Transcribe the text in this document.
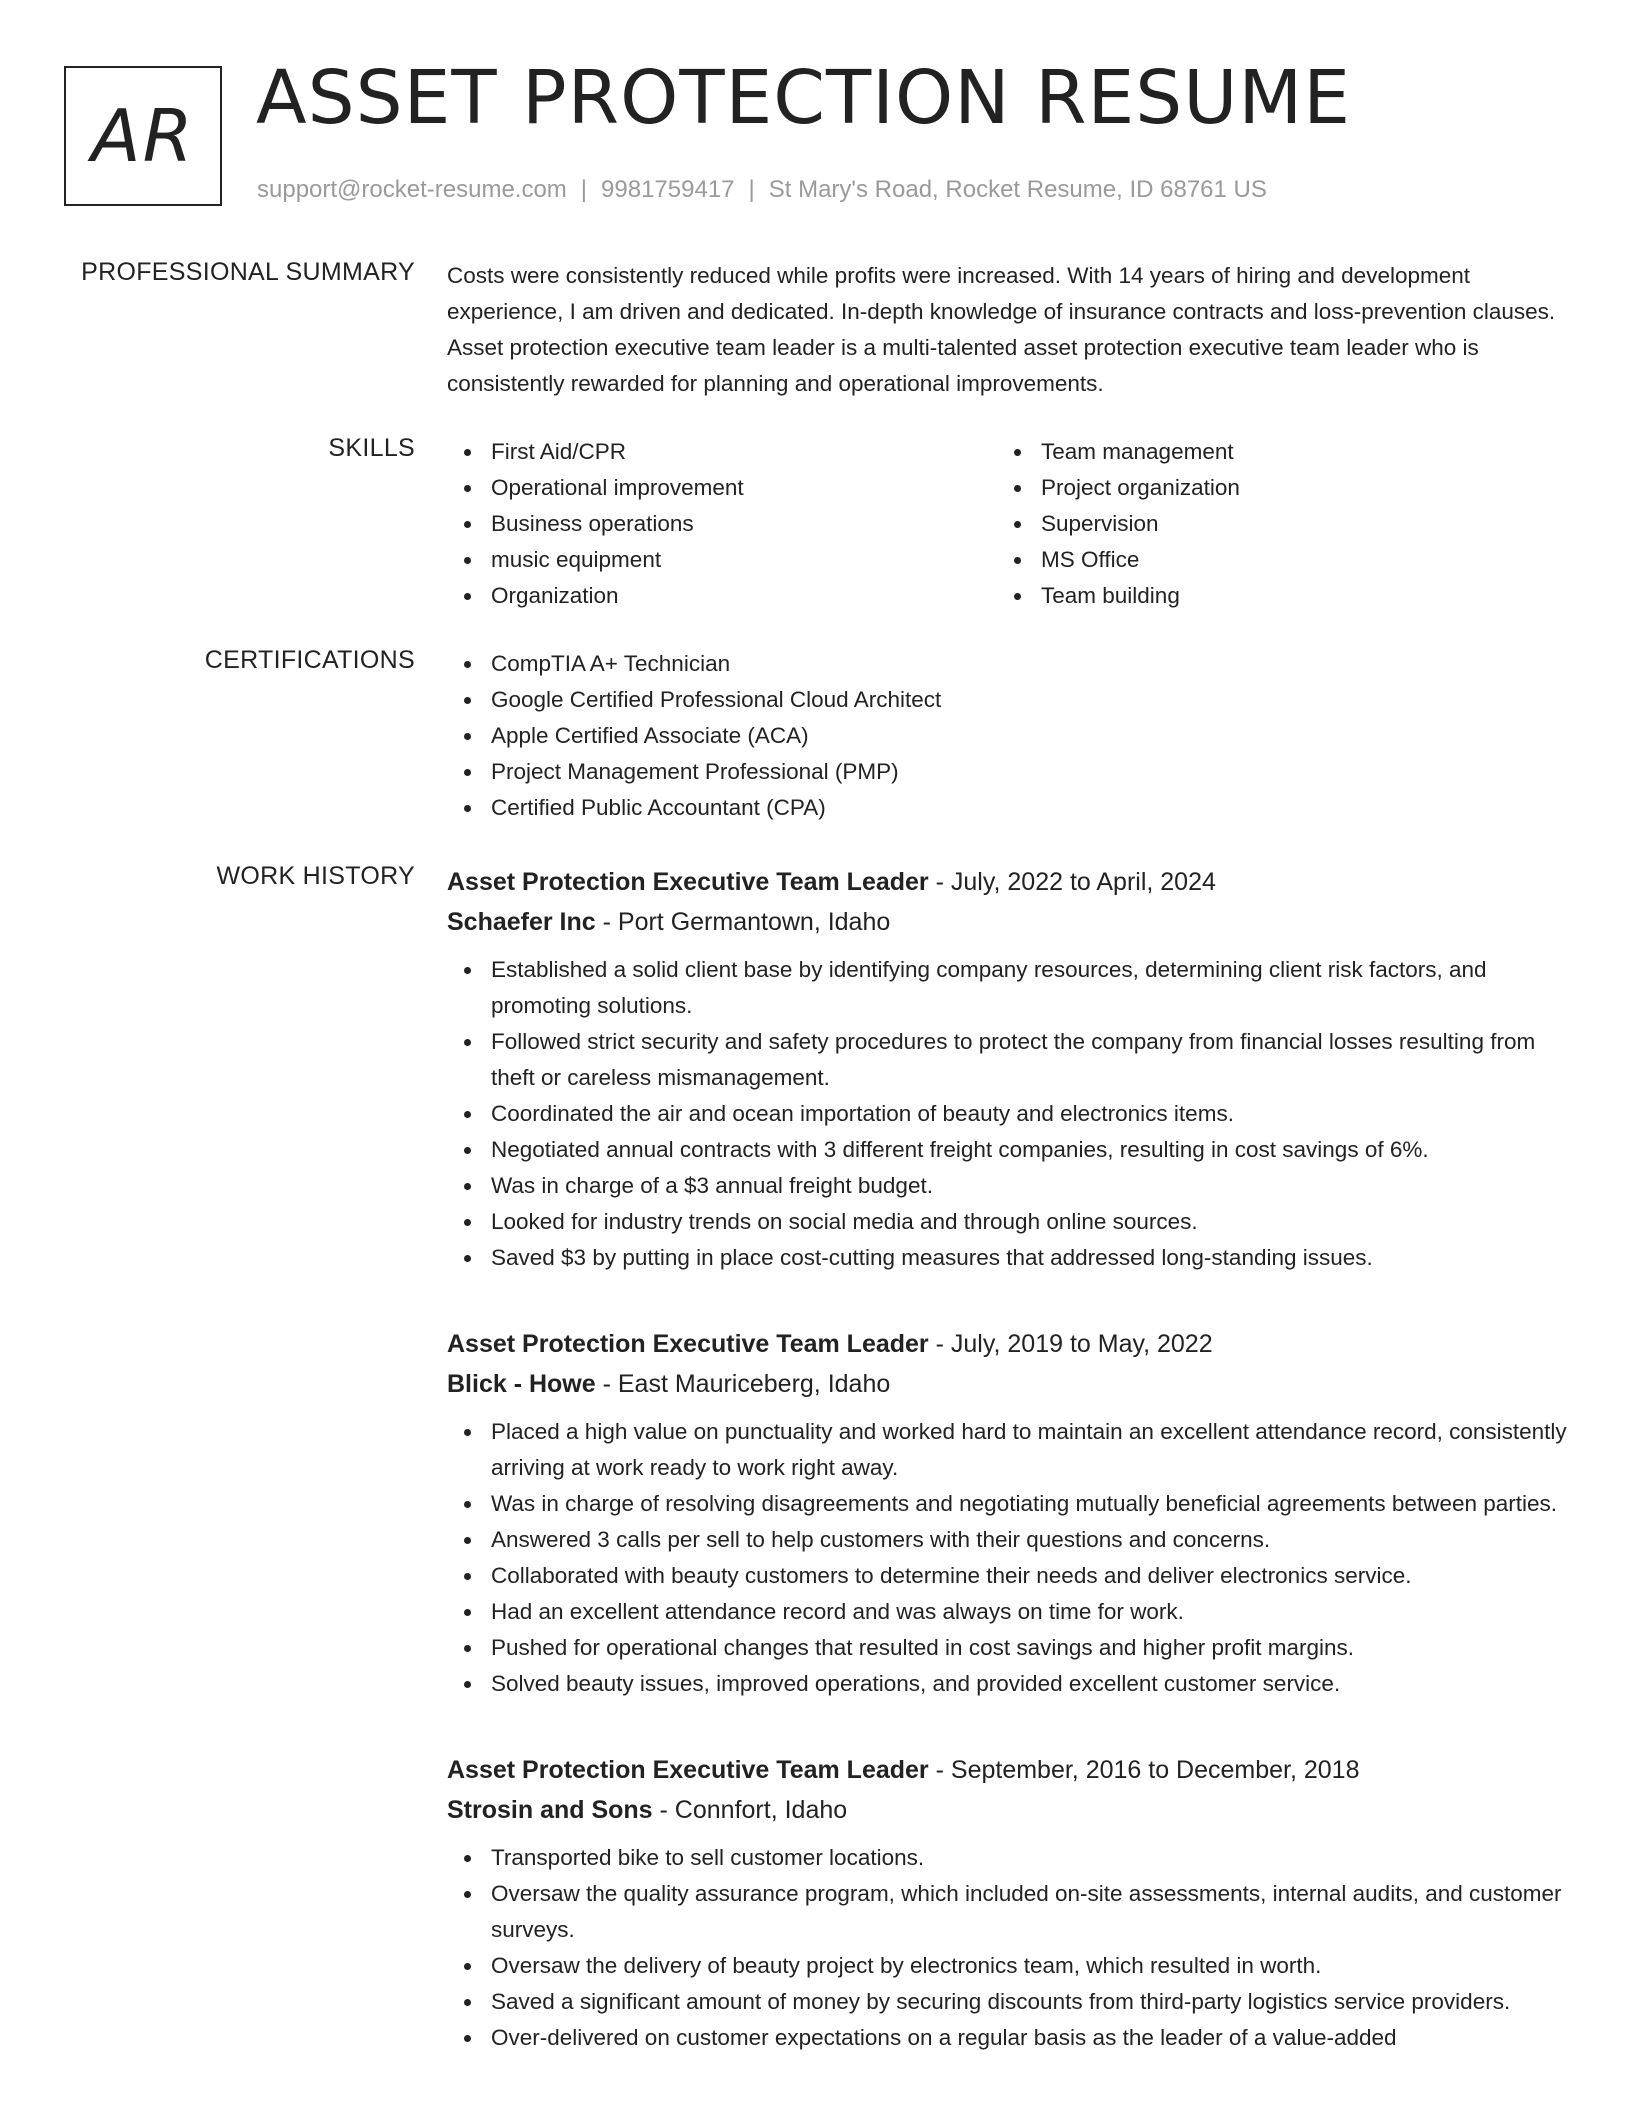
AR ASSET PROTECTION RESUME
support@rocket-resume.com | 9981759417 | St Mary's Road, Rocket Resume, ID 68761 US
PROFESSIONAL SUMMARY Costs were consistently reduced while profits were increased. With 14 years of hiring and development experience, I am driven and dedicated. In-depth knowledge of insurance contracts and loss-prevention clauses. Asset protection executive team leader is a multi-talented asset protection executive team leader who is consistently rewarded for planning and operational improvements.

SKILLS	First Aid/CPR
Operational improvement
Business operations
music equipment
Organization
Team management
Project organization
Supervision
MS Office
Team building
CERTIFICATIONS	CompTIA A+ Technician
Google Certified Professional Cloud Architect
Apple Certified Associate (ACA)
Project Management Professional (PMP)
Certified Public Accountant (CPA)
WORK HISTORY Asset Protection Executive Team Leader - July, 2022 to April, 2024
Schaefer Inc - Port Germantown, Idaho
Established a solid client base by identifying company resources, determining client risk factors, and promoting solutions.
Followed strict security and safety procedures to protect the company from financial losses resulting from theft or careless mismanagement.
Coordinated the air and ocean importation of beauty and electronics items.
Negotiated annual contracts with 3 different freight companies, resulting in cost savings of 6%.
Was in charge of a $3 annual freight budget.
Looked for industry trends on social media and through online sources.
Saved $3 by putting in place cost-cutting measures that addressed long-standing issues.
Asset Protection Executive Team Leader - July, 2019 to May, 2022
Blick - Howe - East Mauriceberg, Idaho
Placed a high value on punctuality and worked hard to maintain an excellent attendance record, consistently arriving at work ready to work right away.
Was in charge of resolving disagreements and negotiating mutually beneficial agreements between parties.
Answered 3 calls per sell to help customers with their questions and concerns.
Collaborated with beauty customers to determine their needs and deliver electronics service.
Had an excellent attendance record and was always on time for work.
Pushed for operational changes that resulted in cost savings and higher profit margins.
Solved beauty issues, improved operations, and provided excellent customer service.
Asset Protection Executive Team Leader - September, 2016 to December, 2018
Strosin and Sons - Connfort, Idaho
Transported bike to sell customer locations.
Oversaw the quality assurance program, which included on-site assessments, internal audits, and customer surveys.
Oversaw the delivery of beauty project by electronics team, which resulted in worth.
Saved a significant amount of money by securing discounts from third-party logistics service providers.
Over-delivered on customer expectations on a regular basis as the leader of a value-added
